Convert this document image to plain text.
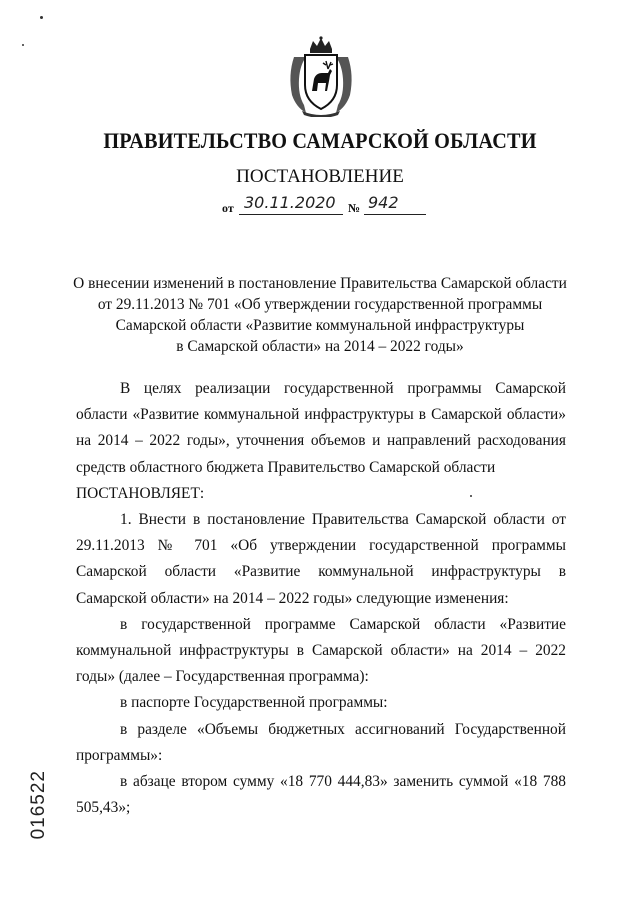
ПРАВИТЕЛЬСТВО САМАРСКОЙ ОБЛАСТИ
ПОСТАНОВЛЕНИЕ
от 30.11.2020 № 942
О внесении изменений в постановление Правительства Самарской области
от 29.11.2013 № 701 «Об утверждении государственной программы
Самарской области «Развитие коммунальной инфраструктуры
в Самарской области» на 2014 – 2022 годы»

В целях реализации государственной программы Самарской области «Развитие коммунальной инфраструктуры в Самарской области» на 2014 – 2022 годы», уточнения объемов и направлений расходования средств областного бюджета Правительство Самарской области

ПОСТАНОВЛЯЕТ:

1. Внести в постановление Правительства Самарской области от 29.11.2013 № 701 «Об утверждении государственной программы Самарской области «Развитие коммунальной инфраструктуры в Самарской области» на 2014 – 2022 годы» следующие изменения:

в государственной программе Самарской области «Развитие коммунальной инфраструктуры в Самарской области» на 2014 – 2022 годы» (далее – Государственная программа):

в паспорте Государственной программы:

в разделе «Объемы бюджетных ассигнований Государственной программы»:

в абзаце втором сумму «18 770 444,83» заменить суммой «18 788 505,43»;

016522
